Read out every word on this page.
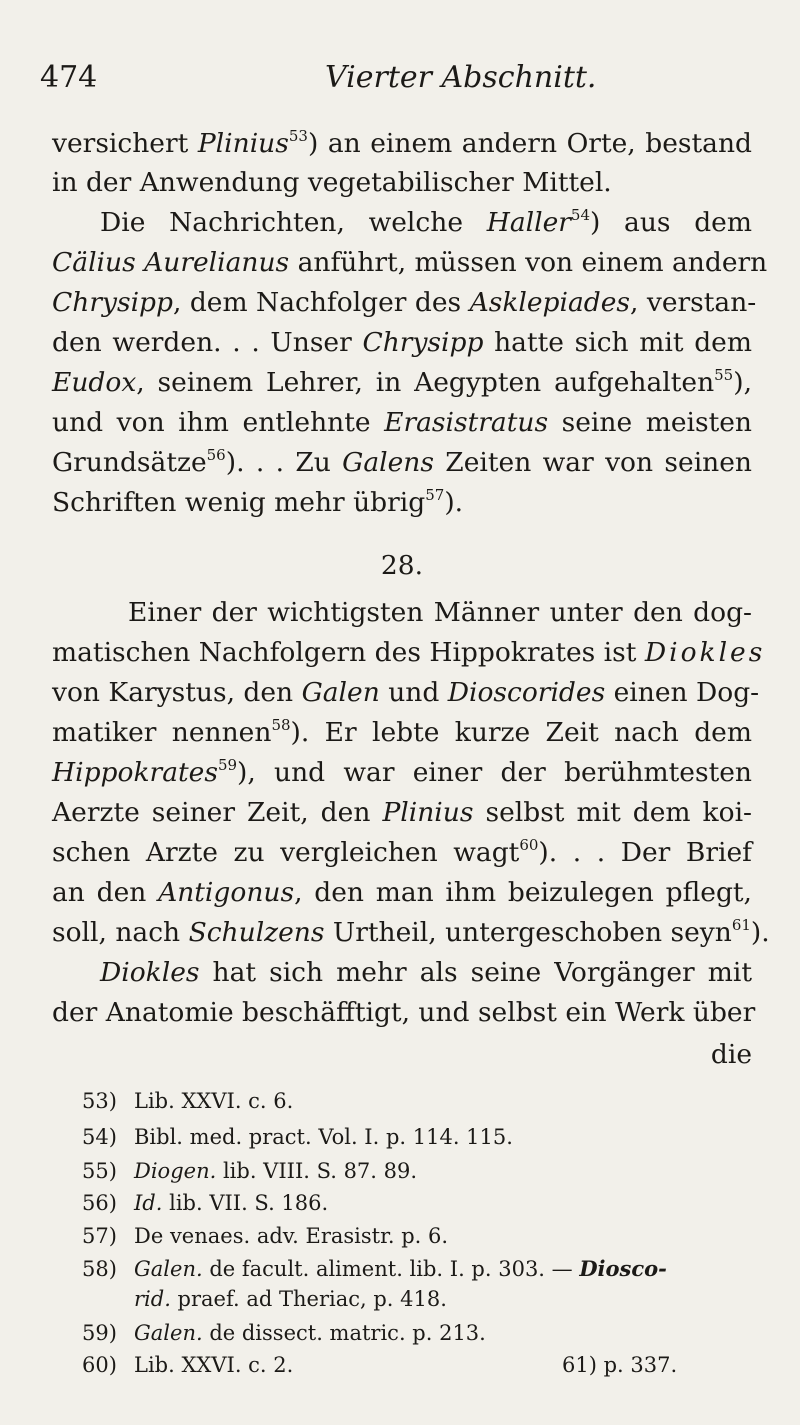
474	Vierter Abschnitt.
versichert Plinius$^{53}$) an einem andern Orte, bestand
in der Anwendung vegetabilischer Mittel.
Die Nachrichten, welche Haller$^{54}$) aus dem
Cälius Aurelianus anführt, müssen von einem andern
Chrysipp, dem Nachfolger des Asklepiades, verstan-
den werden. . . Unser Chrysipp hatte sich mit dem
Eudox, seinem Lehrer, in Aegypten aufgehalten$^{55}$),
und von ihm entlehnte Erasistratus seine meisten
Grundsätze$^{56}$). . . Zu Galens Zeiten war von seinen
Schriften wenig mehr übrig$^{57}$).
28.
Einer der wichtigsten Männer unter den dog-
matischen Nachfolgern des Hippokrates ist Diokles
von Karystus, den Galen und Dioscorides einen Dog-
matiker nennen$^{58}$). Er lebte kurze Zeit nach dem
Hippokrates$^{59}$), und war einer der berühmtesten
Aerzte seiner Zeit, den Plinius selbst mit dem koi-
schen Arzte zu vergleichen wagt$^{60}$). . . Der Brief
an den Antigonus, den man ihm beizulegen pflegt,
soll, nach Schulzens Urtheil, untergeschoben seyn$^{61}$).
Diokles hat sich mehr als seine Vorgänger mit
der Anatomie beschäfftigt, und selbst ein Werk über
die
53) Lib. XXVI. c. 6.
54) Bibl. med. pract. Vol. I. p. 114. 115.
55) Diogen. lib. VIII. S. 87. 89.
56) Id. lib. VII. S. 186.
57) De venaes. adv. Erasistr. p. 6.
58) Galen. de facult. aliment. lib. I. p. 303. — Diosco-
rid. praef. ad Theriac, p. 418.
59) Galen. de dissect. matric. p. 213.
60) Lib. XXVI. c. 2.	61) p. 337.
